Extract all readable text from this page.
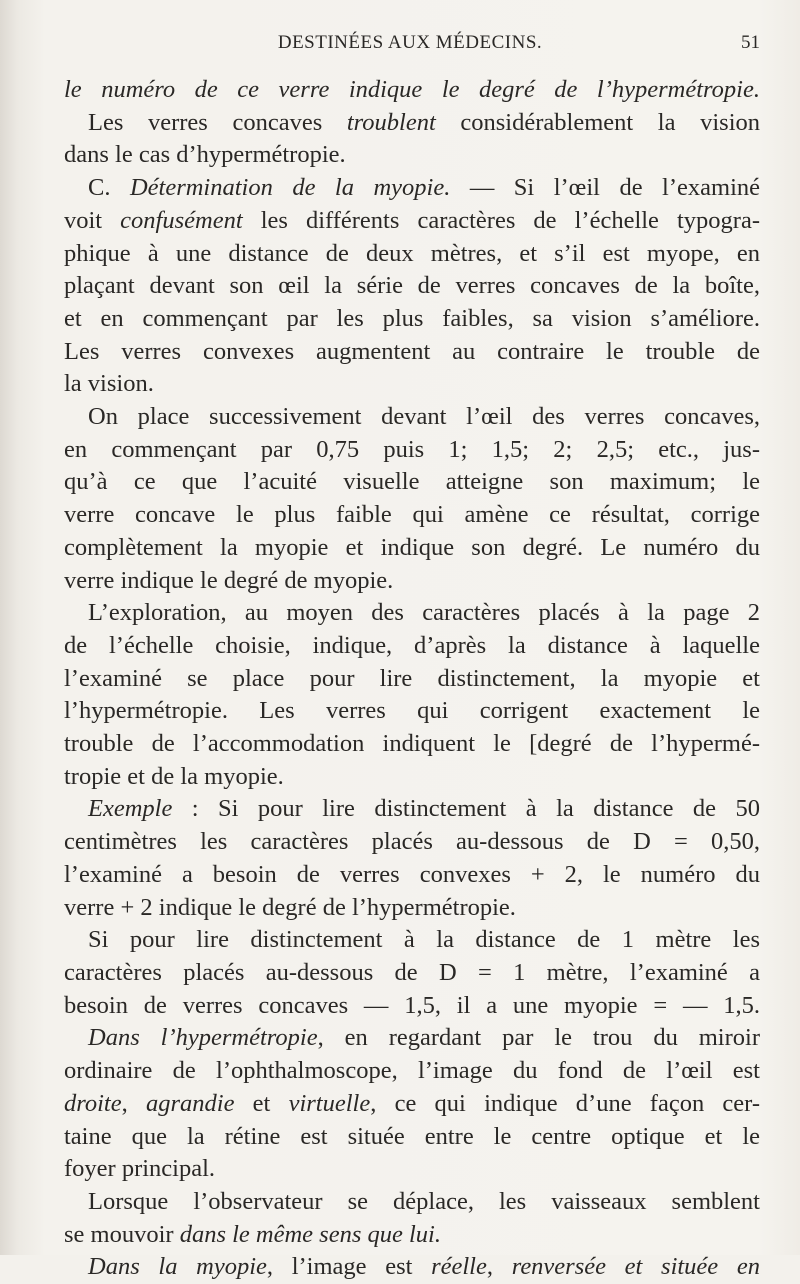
DESTINÉES AUX MÉDECINS.	51
le numéro de ce verre indique le degré de l’hypermétropie.
Les verres concaves troublent considérablement la vision
dans le cas d’hypermétropie.
C. Détermination de la myopie. — Si l’œil de l’examiné
voit confusément les différents caractères de l’échelle typogra-
phique à une distance de deux mètres, et s’il est myope, en
plaçant devant son œil la série de verres concaves de la boîte,
et en commençant par les plus faibles, sa vision s’améliore.
Les verres convexes augmentent au contraire le trouble de
la vision.
On place successivement devant l’œil des verres concaves,
en commençant par 0,75 puis 1; 1,5; 2; 2,5; etc., jus-
qu’à ce que l’acuité visuelle atteigne son maximum; le
verre concave le plus faible qui amène ce résultat, corrige
complètement la myopie et indique son degré. Le numéro du
verre indique le degré de myopie.
L’exploration, au moyen des caractères placés à la page 2
de l’échelle choisie, indique, d’après la distance à laquelle
l’examiné se place pour lire distinctement, la myopie et
l’hypermétropie. Les verres qui corrigent exactement le
trouble de l’accommodation indiquent le [degré de l’hypermé-
tropie et de la myopie.
Exemple : Si pour lire distinctement à la distance de 50
centimètres les caractères placés au-dessous de D = 0,50,
l’examiné a besoin de verres convexes + 2, le numéro du
verre + 2 indique le degré de l’hypermétropie.
Si pour lire distinctement à la distance de 1 mètre les
caractères placés au-dessous de D = 1 mètre, l’examiné a
besoin de verres concaves — 1,5, il a une myopie = — 1,5.
Dans l’hypermétropie, en regardant par le trou du miroir
ordinaire de l’ophthalmoscope, l’image du fond de l’œil est
droite, agrandie et virtuelle, ce qui indique d’une façon cer-
taine que la rétine est située entre le centre optique et le
foyer principal.
Lorsque l’observateur se déplace, les vaisseaux semblent
se mouvoir dans le même sens que lui.
Dans la myopie, l’image est réelle, renversée et située en
